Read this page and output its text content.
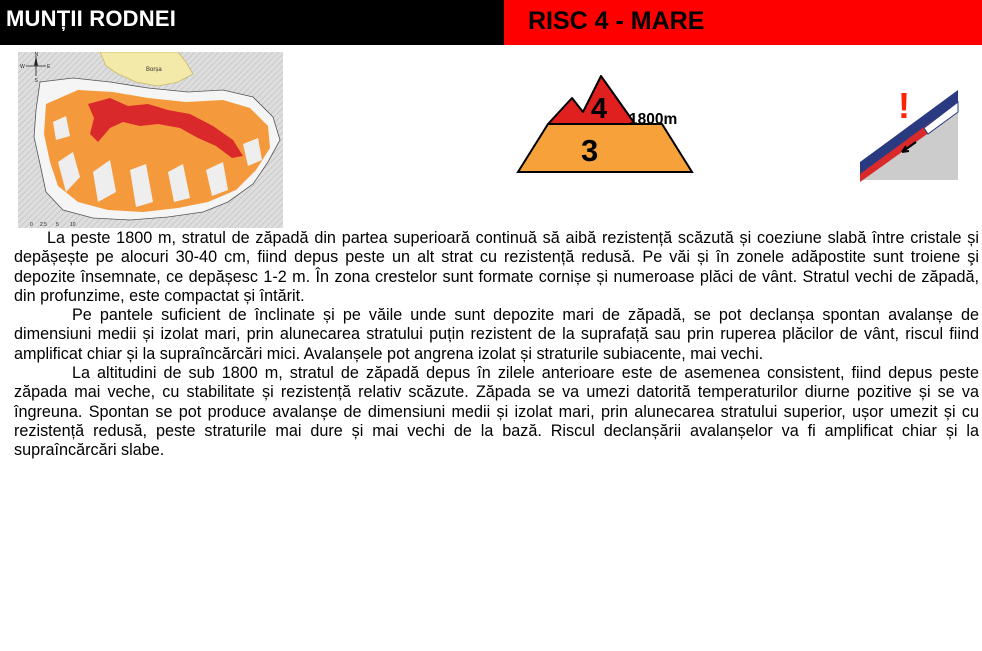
MUNȚII RODNEI	RISC 4 - MARE
Borșa
N
W	E
S
0 2.5 5 10
4
3
1800m	!

La peste 1800 m, stratul de zăpadă din partea superioară continuă să aibă rezistență scăzută și coeziune slabă între cristale și depășește pe alocuri 30-40 cm, fiind depus peste un alt strat cu rezistență redusă. Pe văi și în zonele adăpostite sunt troiene şi depozite însemnate, ce depășesc 1-2 m. În zona crestelor sunt formate cornișe și numeroase plăci de vânt. Stratul vechi de zăpadă, din profunzime, este compactat și întărit.

Pe pantele suficient de înclinate și pe văile unde sunt depozite mari de zăpadă, se pot declanșa spontan avalanșe de dimensiuni medii și izolat mari, prin alunecarea stratului puțin rezistent de la suprafață sau prin ruperea plăcilor de vânt, riscul fiind amplificat chiar și la supraîncărcări mici. Avalanșele pot angrena izolat și straturile subiacente, mai vechi.

La altitudini de sub 1800 m, stratul de zăpadă depus în zilele anterioare este de asemenea consistent, fiind depus peste zăpada mai veche, cu stabilitate și rezistență relativ scăzute. Zăpada se va umezi datorită temperaturilor diurne pozitive și se va îngreuna. Spontan se pot produce avalanșe de dimensiuni medii și izolat mari, prin alunecarea stratului superior, ușor umezit și cu rezistență redusă, peste straturile mai dure și mai vechi de la bază. Riscul declanșării avalanșelor va fi amplificat chiar și la supraîncărcări slabe.
